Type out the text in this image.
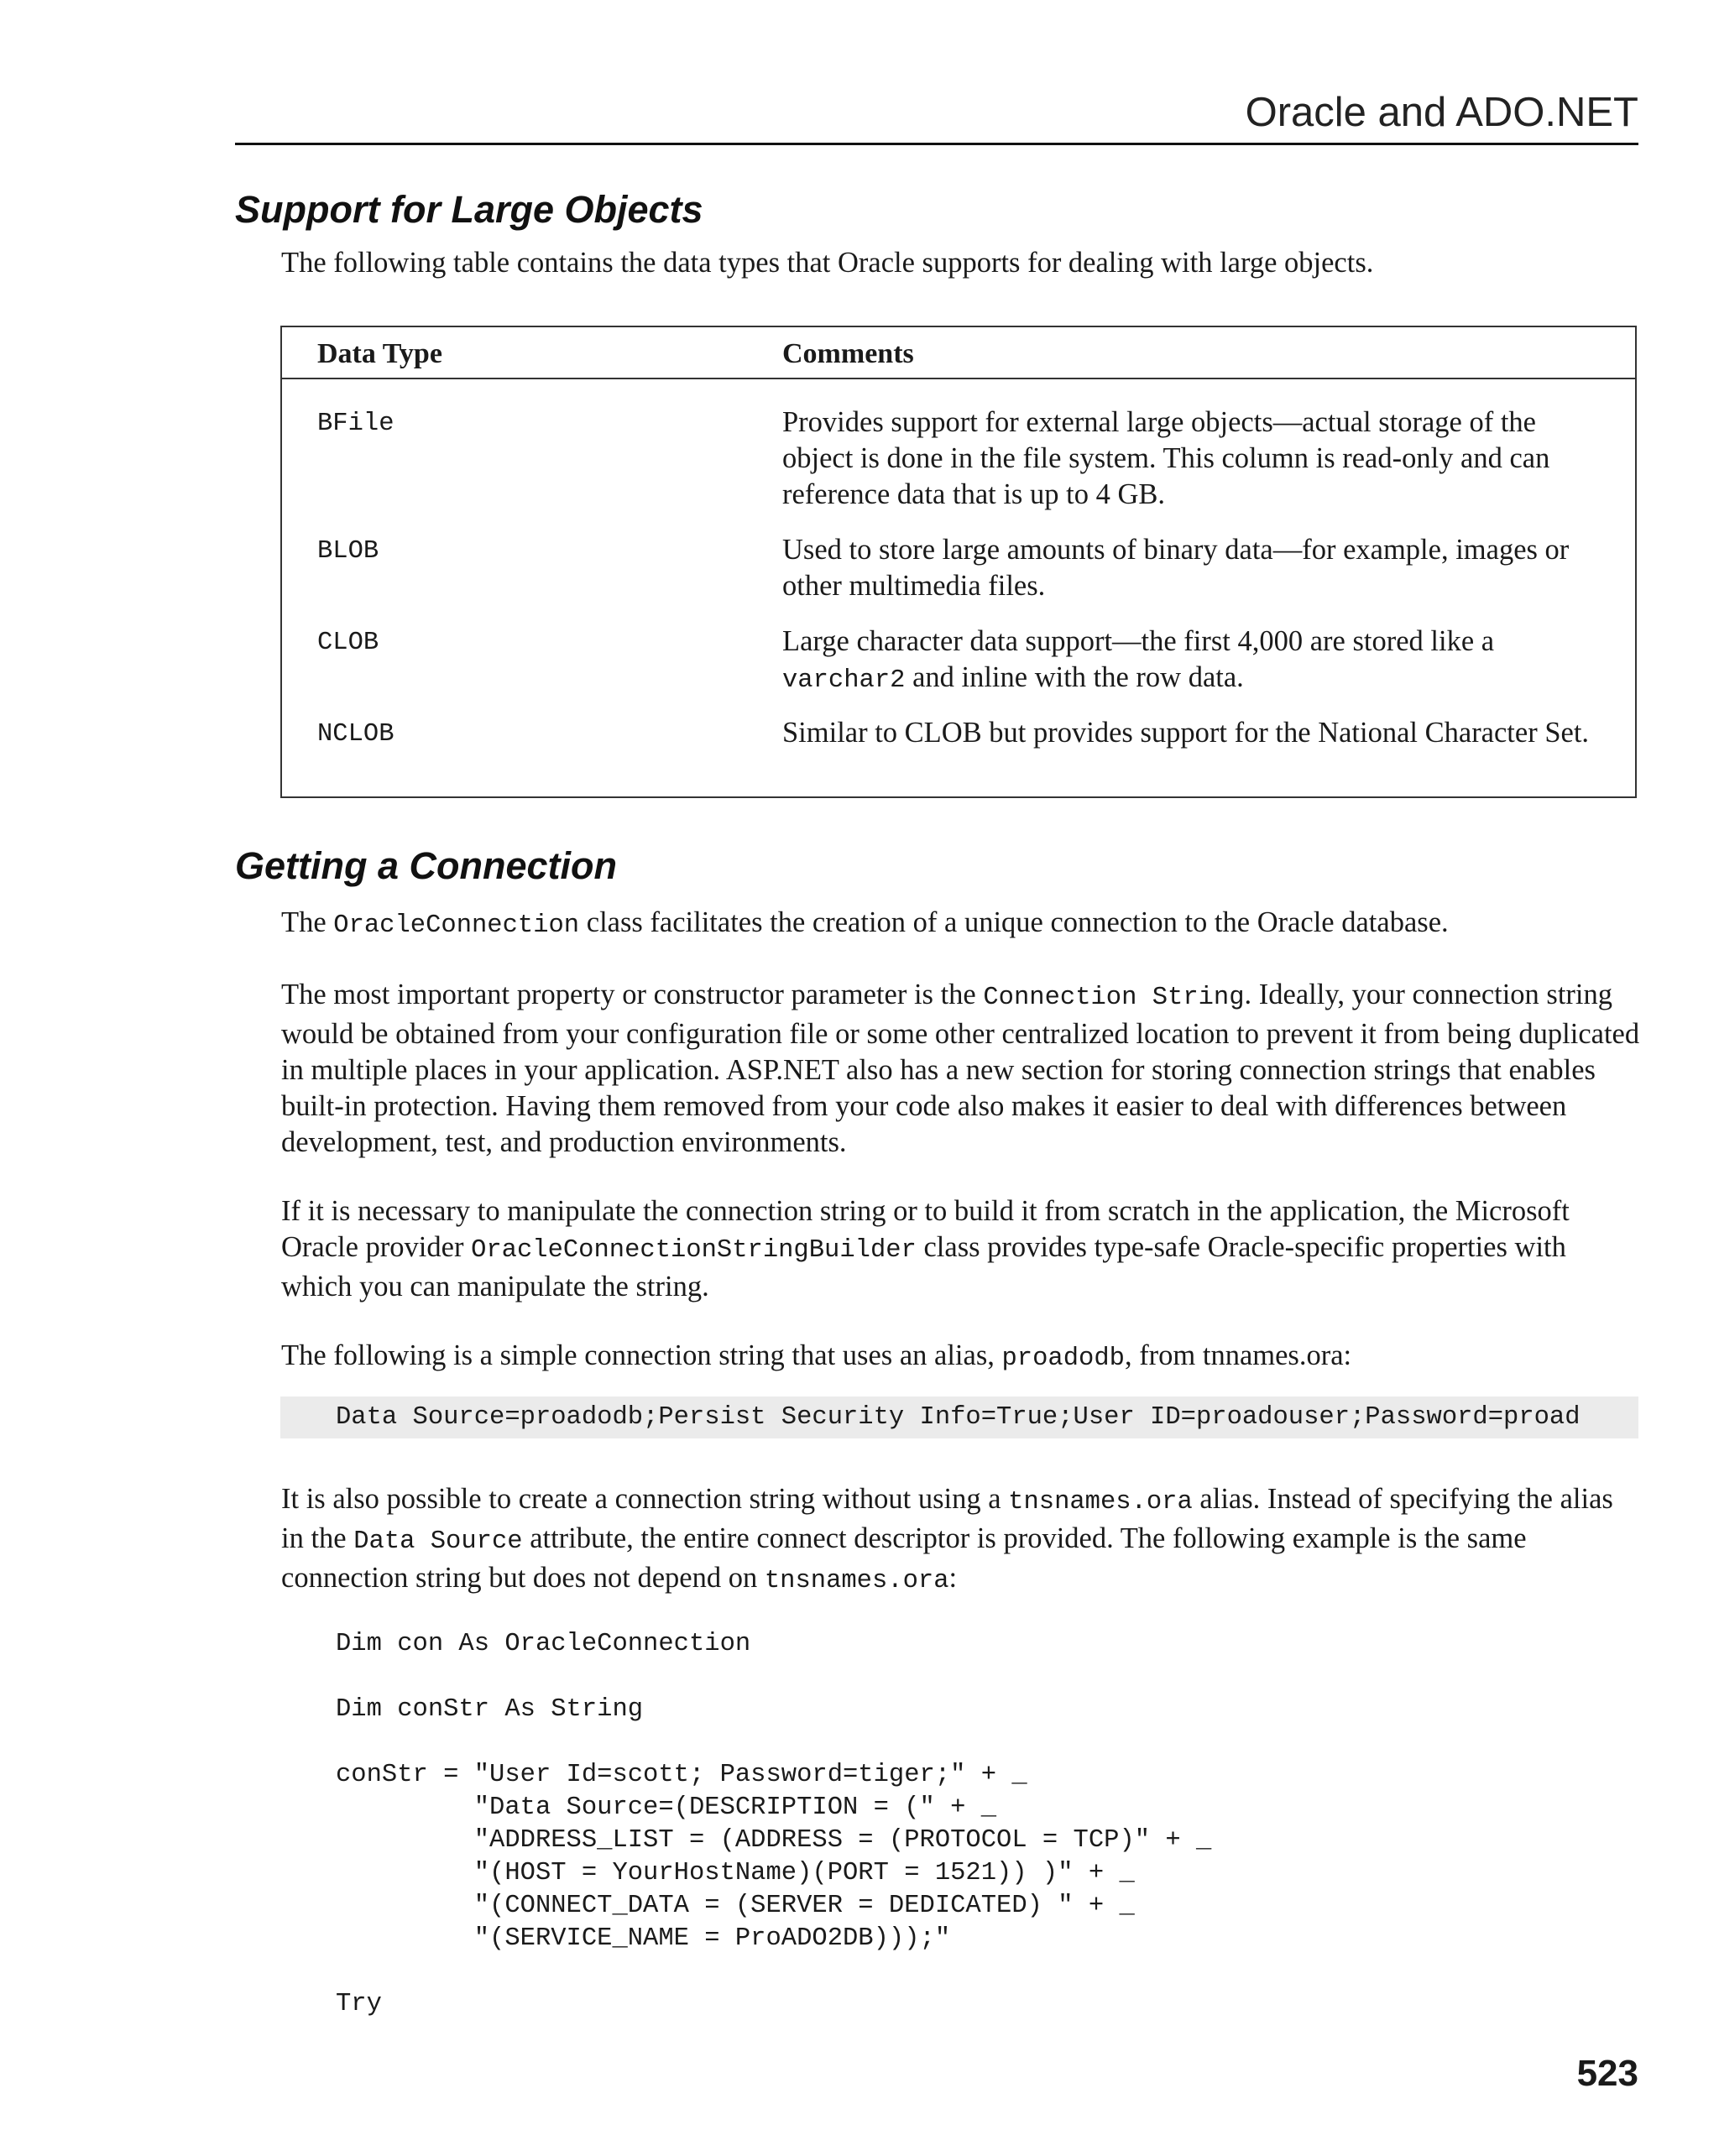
Oracle and ADO.NET
Support for Large Objects

The following table contains the data types that Oracle supports for dealing with large objects.

Data Type	Comments
BFile	Provides support for external large objects—actual storage of the object is done in the file system. This column is read-only and can reference data that is up to 4 GB.
BLOB	Used to store large amounts of binary data—for example, images or other multimedia files.
CLOB	Large character data support—the first 4,000 are stored like a varchar2 and inline with the row data.
NCLOB	Similar to CLOB but provides support for the National Character Set.
Getting a Connection

The OracleConnection class facilitates the creation of a unique connection to the Oracle database.

The most important property or constructor parameter is the Connection String. Ideally, your connection string would be obtained from your configuration file or some other centralized location to prevent it from being duplicated in multiple places in your application. ASP.NET also has a new section for storing connection strings that enables built-in protection. Having them removed from your code also makes it easier to deal with differences between development, test, and production environments.

If it is necessary to manipulate the connection string or to build it from scratch in the application, the Microsoft Oracle provider OracleConnectionStringBuilder class provides type-safe Oracle-specific properties with which you can manipulate the string.

The following is a simple connection string that uses an alias, proadodb, from tnnames.ora:

Data Source=proadodb;Persist Security Info=True;User ID=proadouser;Password=proad

It is also possible to create a connection string without using a tnsnames.ora alias. Instead of specifying the alias in the Data Source attribute, the entire connect descriptor is provided. The following example is the same connection string but does not depend on tnsnames.ora:

Dim con As OracleConnection
Dim conStr As String
conStr = "User Id=scott; Password=tiger;" + _
"Data Source=(DESCRIPTION = (" + _
"ADDRESS_LIST = (ADDRESS = (PROTOCOL = TCP)" + _
"(HOST = YourHostName)(PORT = 1521)) )" + _
"(CONNECT_DATA = (SERVER = DEDICATED) " + _
"(SERVICE_NAME = ProADO2DB)));"
Try
523
